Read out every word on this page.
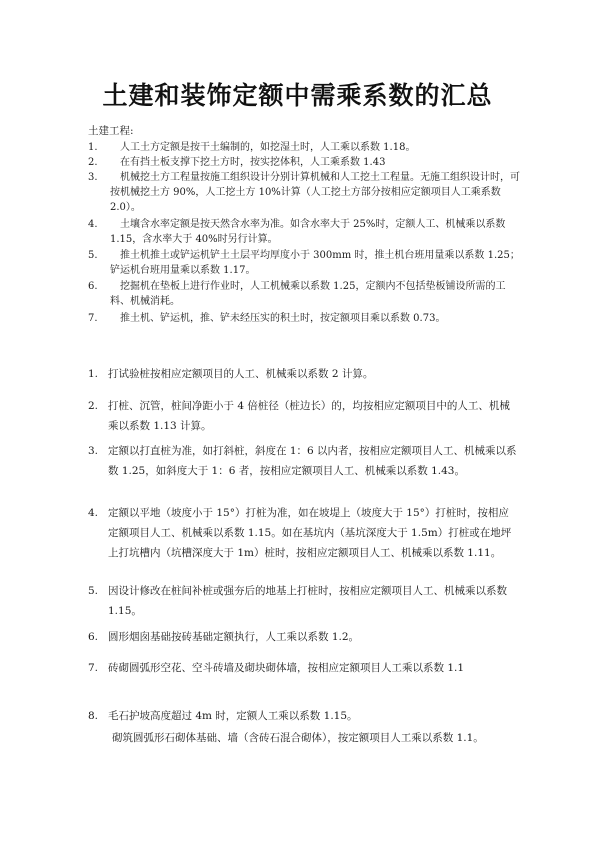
土建和装饰定额中需乘系数的汇总
土建工程:
1.	人工土方定额是按干土编制的，如挖湿土时，人工乘以系数 1.18。
2.	在有挡土板支撑下挖土方时，按实挖体积，人工乘系数 1.43
3.	机械挖土方工程量按施工组织设计分别计算机械和人工挖土工程量。无施工组织设计时，可按机械挖土方 90%，人工挖土方 10%计算（人工挖土方部分按相应定额项目人工乘系数 2.0）。
4.	土壤含水率定额是按天然含水率为准。如含水率大于 25%时，定额人工、机械乘以系数 1.15，含水率大于 40%时另行计算。
5.	推土机推土或铲运机铲土土层平均厚度小于 300mm 时，推土机台班用量乘以系数 1.25；铲运机台班用量乘以系数 1.17。
6.	挖掘机在垫板上进行作业时，人工机械乘以系数 1.25，定额内不包括垫板铺设所需的工料、机械消耗。
7.	推土机、铲运机，推、铲未经压实的积土时，按定额项目乘以系数 0.73。
1. 打试验桩按相应定额项目的人工、机械乘以系数 2 计算。
2. 打桩、沉管，桩间净距小于 4 倍桩径（桩边长）的，均按相应定额项目中的人工、机械乘以系数 1.13 计算。
3. 定额以打直桩为准，如打斜桩，斜度在 1：6 以内者，按相应定额项目人工、机械乘以系数 1.25，如斜度大于 1：6 者，按相应定额项目人工、机械乘以系数 1.43。
4. 定额以平地（坡度小于 15°）打桩为准，如在坡堤上（坡度大于 15°）打桩时，按相应定额项目人工、机械乘以系数 1.15。如在基坑内（基坑深度大于 1.5m）打桩或在地坪上打坑槽内（坑槽深度大于 1m）桩时，按相应定额项目人工、机械乘以系数 1.11。
5. 因设计修改在桩间补桩或强夯后的地基上打桩时，按相应定额项目人工、机械乘以系数 1.15。
6. 圆形烟囱基础按砖基础定额执行，人工乘以系数 1.2。
7. 砖砌圆弧形空花、空斗砖墙及砌块砌体墙，按相应定额项目人工乘以系数 1.1
8. 毛石护坡高度超过 4m 时，定额人工乘以系数 1.15。
砌筑圆弧形石砌体基础、墙（含砖石混合砌体），按定额项目人工乘以系数 1.1。
